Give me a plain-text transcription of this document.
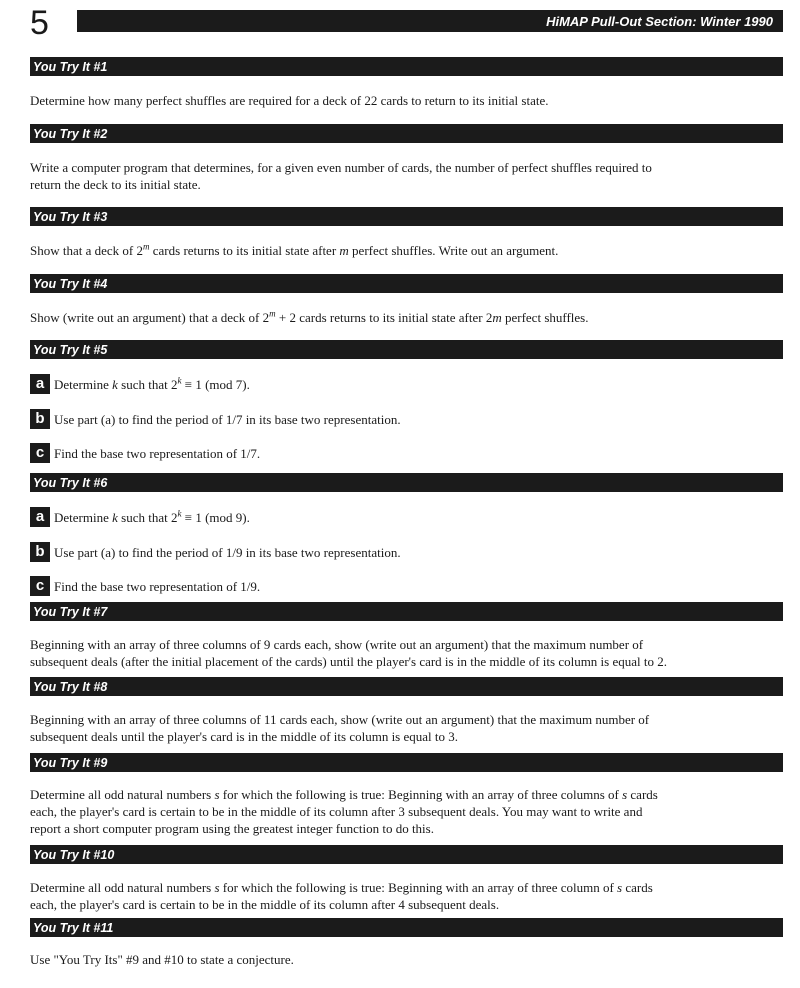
5	HiMAP Pull-Out Section: Winter 1990
You Try It #1
Determine how many perfect shuffles are required for a deck of 22 cards to return to its initial state.
You Try It #2
Write a computer program that determines, for a given even number of cards, the number of perfect shuffles required to
return the deck to its initial state.
You Try It #3
Show that a deck of 2$^m$ cards returns to its initial state after m perfect shuffles. Write out an argument.
You Try It #4
Show (write out an argument) that a deck of $2^m + 2$ cards returns to its initial state after 2m perfect shuffles.
You Try It #5
a Determine k such that $2^k \equiv 1$ (mod 7).
b Use part (a) to find the period of 1/7 in its base two representation.
c Find the base two representation of 1/7.
You Try It #6
a Determine k such that $2^k \equiv 1$ (mod 9).
b Use part (a) to find the period of 1/9 in its base two representation.
c Find the base two representation of 1/9.
You Try It #7
Beginning with an array of three columns of 9 cards each, show (write out an argument) that the maximum number of
subsequent deals (after the initial placement of the cards) until the player's card is in the middle of its column is equal to 2.
You Try It #8
Beginning with an array of three columns of 11 cards each, show (write out an argument) that the maximum number of
subsequent deals until the player's card is in the middle of its column is equal to 3.
You Try It #9
Determine all odd natural numbers s for which the following is true: Beginning with an array of three columns of s cards
each, the player's card is certain to be in the middle of its column after 3 subsequent deals. You may want to write and
report a short computer program using the greatest integer function to do this.
You Try It #10
Determine all odd natural numbers s for which the following is true: Beginning with an array of three column of s cards
each, the player's card is certain to be in the middle of its column after 4 subsequent deals.
You Try It #11
Use "You Try Its" #9 and #10 to state a conjecture.
